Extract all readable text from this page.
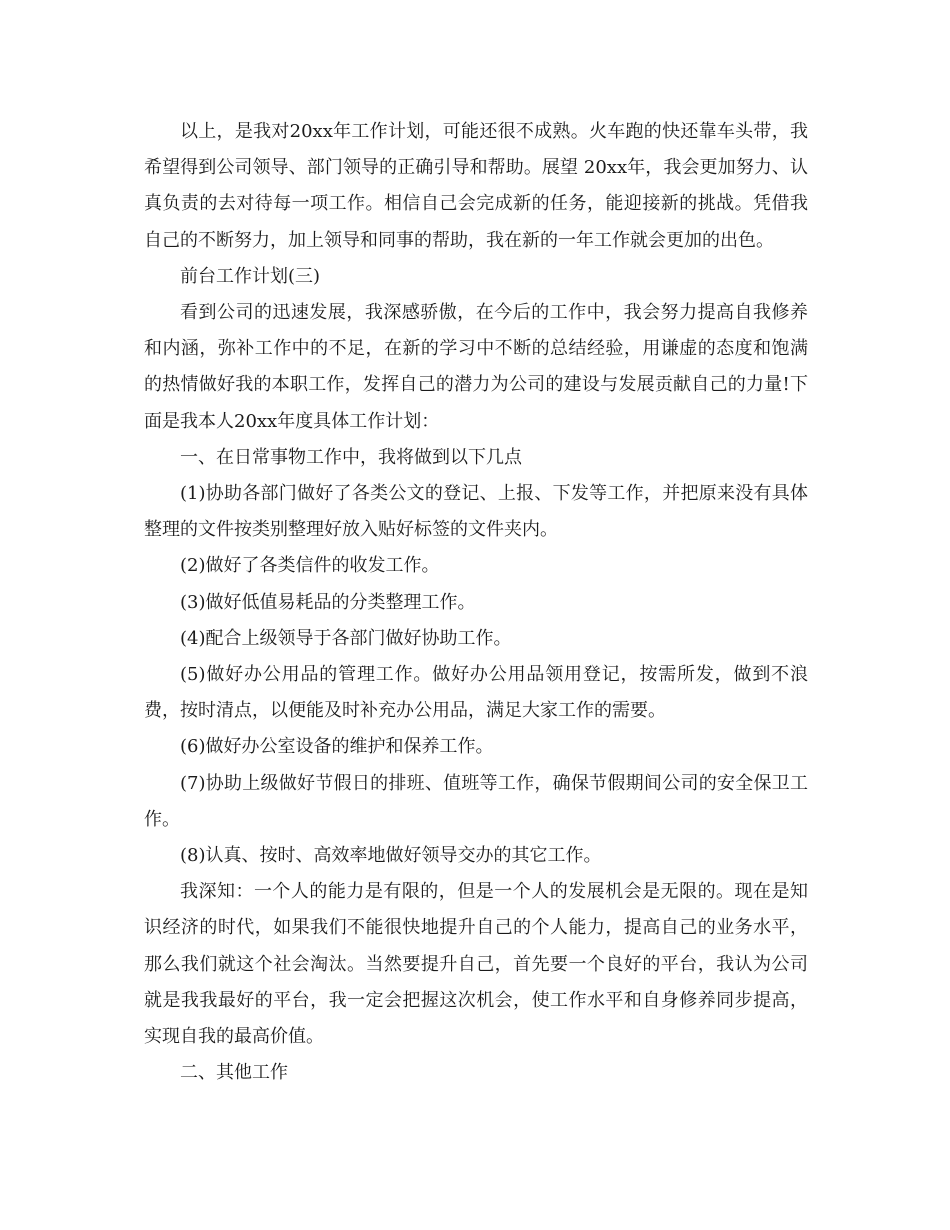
以上，是我对20xx年工作计划，可能还很不成熟。火车跑的快还靠车头带，我希望得到公司领导、部门领导的正确引导和帮助。展望 20xx年，我会更加努力、认真负责的去对待每一项工作。相信自己会完成新的任务，能迎接新的挑战。凭借我自己的不断努力，加上领导和同事的帮助，我在新的一年工作就会更加的出色。

前台工作计划(三)

看到公司的迅速发展，我深感骄傲，在今后的工作中，我会努力提高自我修养和内涵，弥补工作中的不足，在新的学习中不断的总结经验，用谦虚的态度和饱满的热情做好我的本职工作，发挥自己的潜力为公司的建设与发展贡献自己的力量!下面是我本人20xx年度具体工作计划：

一、在日常事物工作中，我将做到以下几点

(1)协助各部门做好了各类公文的登记、上报、下发等工作，并把原来没有具体整理的文件按类别整理好放入贴好标签的文件夹内。

(2)做好了各类信件的收发工作。

(3)做好低值易耗品的分类整理工作。

(4)配合上级领导于各部门做好协助工作。

(5)做好办公用品的管理工作。做好办公用品领用登记，按需所发，做到不浪费，按时清点，以便能及时补充办公用品，满足大家工作的需要。

(6)做好办公室设备的维护和保养工作。

(7)协助上级做好节假日的排班、值班等工作，确保节假期间公司的安全保卫工作。

(8)认真、按时、高效率地做好领导交办的其它工作。

我深知：一个人的能力是有限的，但是一个人的发展机会是无限的。现在是知识经济的时代，如果我们不能很快地提升自己的个人能力，提高自己的业务水平，那么我们就这个社会淘汰。当然要提升自己，首先要一个良好的平台，我认为公司就是我我最好的平台，我一定会把握这次机会，使工作水平和自身修养同步提高，实现自我的最高价值。

二、其他工作
